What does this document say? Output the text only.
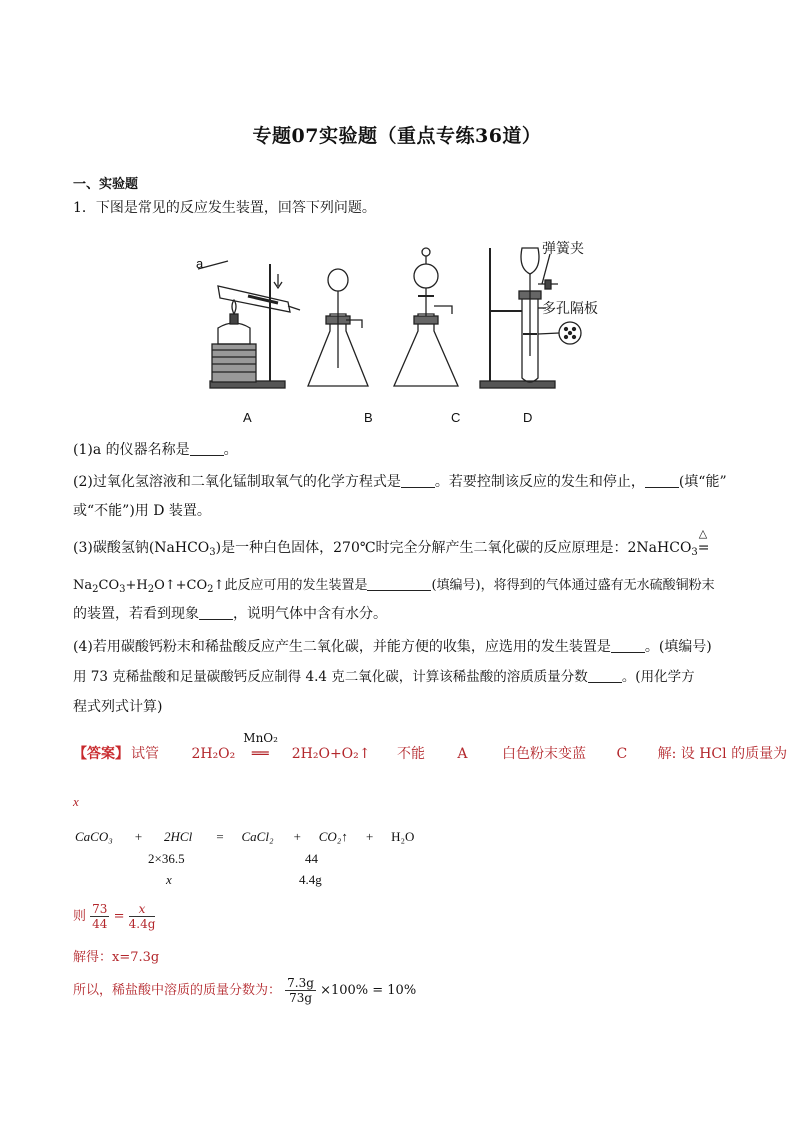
专题07实验题（重点专练36道）
一、实验题
1．下图是常见的反应发生装置，回答下列问题。
a
弹簧夹
多孔隔板
A	B	C	D
(1)a 的仪器名称是 。
(2)过氧化氢溶液和二氧化锰制取氧气的化学方程式是 。若要控制该反应的发生和停止， (填“能”
或“不能”)用 D 装置。
(3)碳酸氢钠(NaHCO$_3$)是一种白色固体，270℃时完全分解产生二氧化碳的反应原理是：2NaHCO$_3$
△
=
$Na_2CO_3+H_2O↑+CO_2↑$此反应可用的发生装置是	(填编号)，将得到的气体通过盛有无水硫酸铜粉末
的装置，若看到现象 ，说明气体中含有水分。
(4)若用碳酸钙粉末和稀盐酸反应产生二氧化碳，并能方便的收集，应选用的发生装置是 。(填编号)
用 73 克稀盐酸和足量碳酸钙反应制得 4.4 克二氧化碳，计算该稀盐酸的溶质质量分数	。(用化学方
程式列式计算)
【答案】 试管 2H₂O₂
MnO₂
══ 2H₂O+O₂↑ 不能 A 白色粉末变蓝 C 解: 设 HCl 的质量为
x
CaCO₃ + 2HCl = CaCl₂ + CO₂↑ + H₂O
2×36.5	44
x	4.4g
则 $\frac{73}{44} = \frac{x}{4.4g}$
解得：x=7.3g
所以，稀盐酸中溶质的质量分数为： $\frac{7.3g}{73g} \times 100\% = 10\%$
